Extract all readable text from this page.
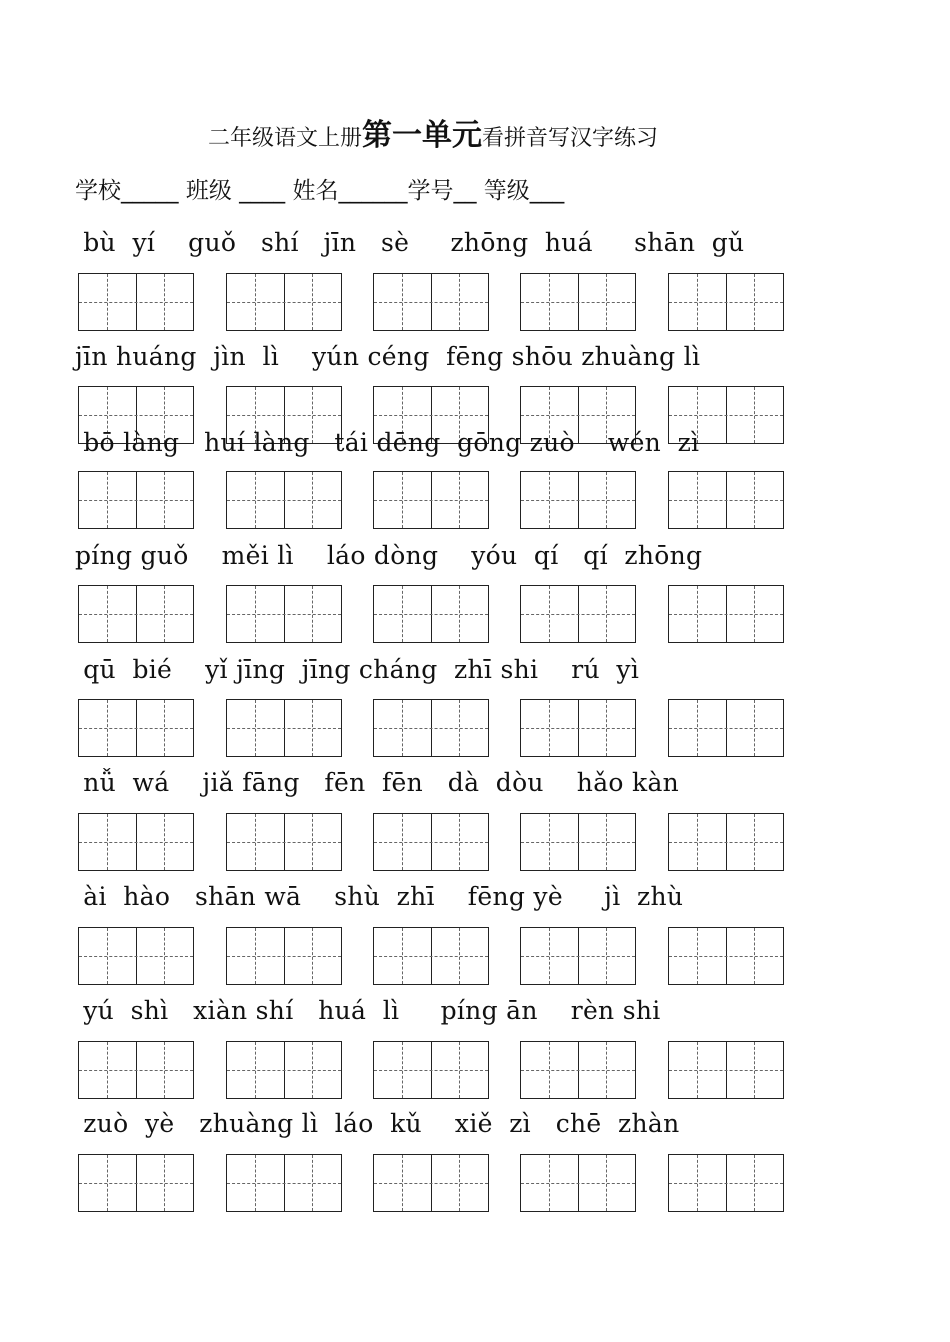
二年级语文上册第一单元看拼音写汉字练习
学校_____ 班级 ____ 姓名______学号__ 等级___
bù  yí    guǒ   shí   jīn   sè     zhōng  huá     shān  gǔ
jīn huáng  jìn  lì    yún céng  fēng shōu zhuàng lì
bō làng   huí làng   tái dēng  gōng zuò    wén  zì
píng guǒ    měi lì    láo dòng    yóu  qí   qí  zhōng
qū  bié    yǐ jīng  jīng cháng  zhī shi    rú  yì
nǚ  wá    jiǎ fāng   fēn  fēn   dà  dòu    hǎo kàn
ài  hào   shān wā    shù  zhī    fēng yè     jì  zhù
yú  shì   xiàn shí   huá  lì     píng ān    rèn shi
zuò  yè   zhuàng lì  láo  kǔ    xiě  zì   chē  zhàn
